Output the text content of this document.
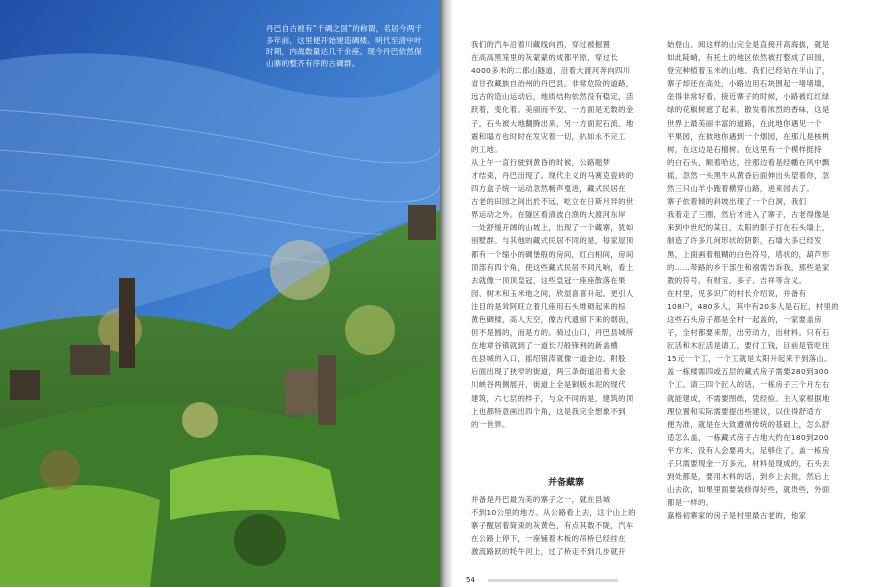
丹巴自古被有“千碉之国”的称谓，名居今两千
多年前，这里便开始建造碉楼。明代至清中叶
时期，内战数量达几千余座。现今丹巴依然保
山寨的整齐有序的古碉群。
我们的汽车沿着川藏线向西，穿过被掘置
在高高黑笼里的灰蒙蒙的成都平原，穿过长
4000多米的二郎山隧道，沿着大渡河奔向四川
省甘孜藏族自治州的丹巴县。非常危险的道路，
远古的造山运动后，地质结构依然没有稳定，活
跃着，变化着。美丽而不安，一方面是无数的金
子，石头被大地翻腾出来，另一方面泥石流、地
震和塌方也时时在发灾着一切，扒如永不完工
的工地。
从上午一直行驶到黄昏的时候，公路题梦
才结束，丹巴出现了。现代主义的马赛克瓷砖的
四方盒子统一运动忽然畅声戛进，藏式民居在
古老的田园之间出於不远，屹立在日斯月异的世
界运动之外。在隧区看清波白渔的大渡河东岸
一处舒缓开阔的山坡上，出现了一个藏寨，犹如
别墅群。与其他的藏式民居不同的是，每家屋顶
都有一个缩小的碉堡般的房间，红白相间，房间
顶部有四个角，使这些藏式民居不同凡响，看上
去就像一顶顶皇冠，这些皇冠一座座散落在果
园、树木和玉米地之间，欣湿喜喜升起。更引人
注目的是耸阿旺立着几座用石头堆砌起来的棕
黄色碉楼，高人天空，像古代遗留下来的烟囱，
但不是圆的，而是方的。骑过山口，丹巴县城所
在地章谷镇就到了一道长刀般锋利的新盖横
在县城的入口，摇绍银涛就像一道金边。附股
后面出现了狭窄的街道，两三条街道沿着大金
川峡谷两侧展开，街道上全是铜版水泥的现代
建筑，六七层的样子，与众不同的是，建筑的顶
上也都特意画出四个角，这是我完全想象不到
的一世界。
并备藏寨
并备是丹巴最为美的寨子之一，就在县城
不到10公里的地方。从公路看上去，这个山上的
寨子醒居着简束的灰黄色，有点其数不陇，汽车
在公路上停下，一座铺着木板的吊桥已经挂在
激流路跃的牦牛河上，过了桥走不到几步就开
始登山。阅这样的山完全是直接开高海拔，就是
如此陡峭，有托土的地区依然被打整成了田园，
登完种植着玉米的山地。我们已经站在半山了，
寨子却还在高处，小路边用石块围起一堵堵墙，
垒得非常好看，接近寨子的时候，小路被红红绿
绿的花椒树遮了起来，散发着浓烈的香味，这是
世界上最美丽丰富的道路，在此地你遇见一个
平果园，在彼地你遇到一个烟园，在那儿是核桃
树，在这边是石榴树。在这里有一个模样挺持
的白石头，额着哈达，往那边看是经幡在风中飘
摇，忽然一头黑牛从黄昏后面伸出头望着你，忽
然三只山羊小跑着横穿山路，进来园去了。
寨子依着倾的斜坡出现了一个白洞，我们
我着走了三圈，然后才进入了寨子，古老得像是
来到中世纪的某日，太阳的影子打在石头墙上，
制造了许多几何形状的阴影，石墙大多已经发
黑，上面画着粗糊的白色符号，塔状的，葫芦形
的……带路的乡干部生和禧需告诉我，那些是家
教的符号，有财宝、多子、吉祥等含义。
在村里，见多识广的村长介绍说，并备有
108户，480多人，其中有20多人是石匠，村里的
这些石头房子都是全村一起盖的，一家要盖房
子，全村都要来帮，出劳动力，出材料。只有石
匠活和木匠活是请工，要付工钱，目前是管吃住
15元一个工，一个工就是太阳升起来干到落山。
盖一栋楼需四或五层的藏式房子需要280到300
个工。请三四个匠人的话，一栋房子三个月左右
就能建成，不需要图纸，凭经验。主人家根据地
理位置和实际需要提出些建议，以住得舒适方
便为准，就是在大致遵循传统的基础上，怎么舒
适怎么盖，一栋藏式房子占地大约在180到200
平方米，没有人会要再大，足够住了，盖一栋房
子只需要现金一万多元，材料是现成的，石头去
到处都是，要用木料的话，到乡上去批，然后上
山去砍，如果里面要装修得好些，就贵些，外面
都是一样的。
嘉格初寨家的房子是村里最古老的，他家
54
